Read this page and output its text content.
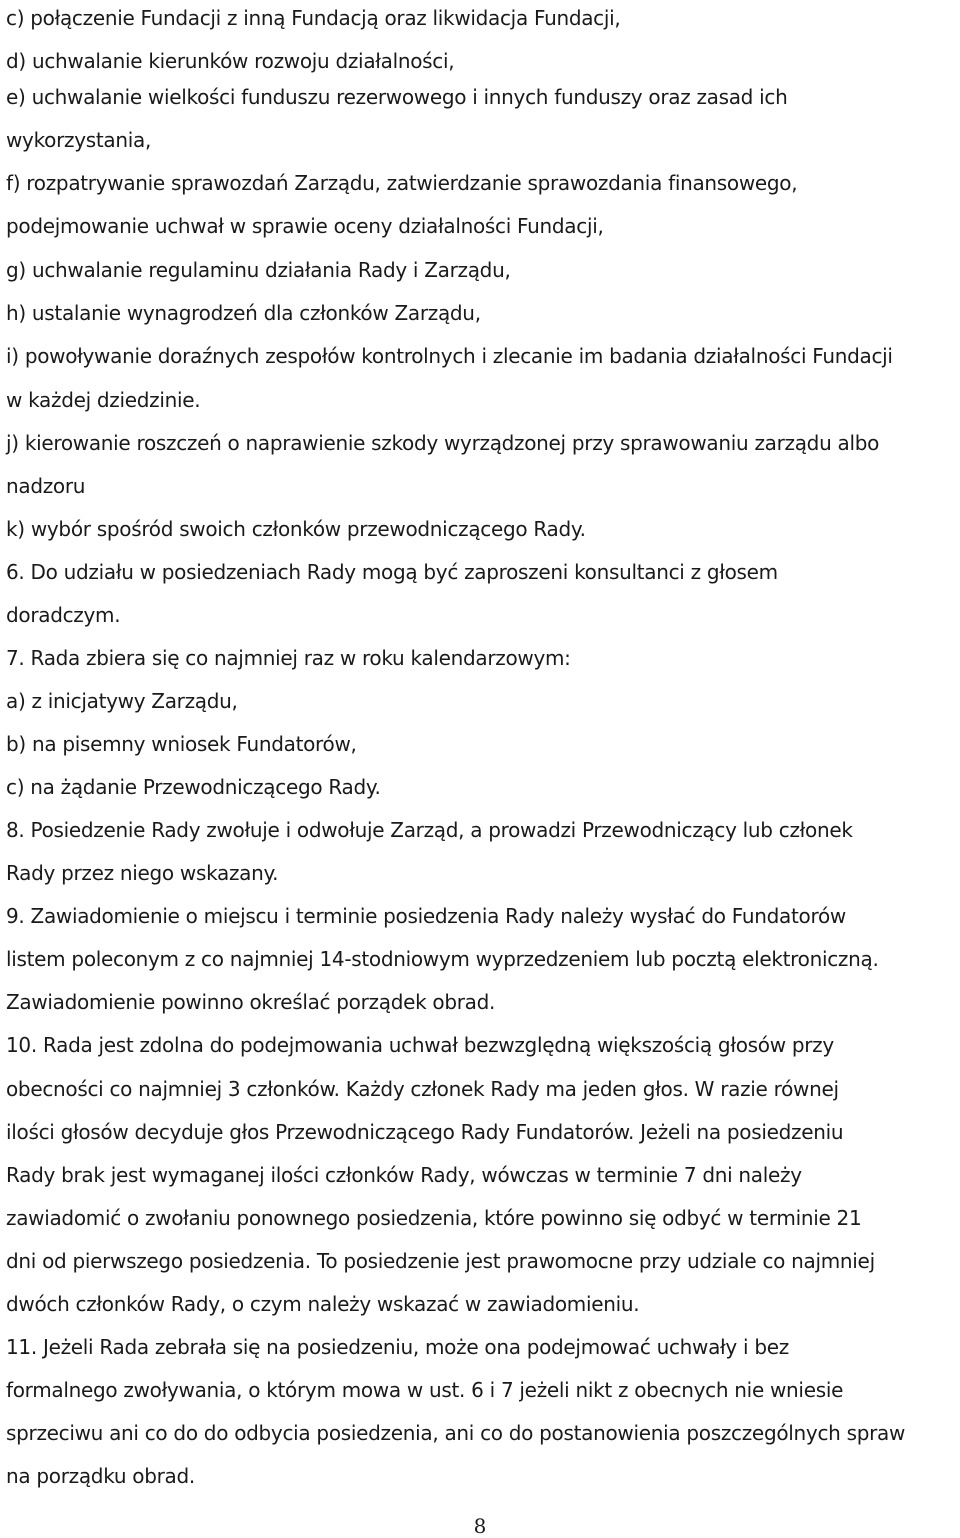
c) połączenie Fundacji z inną Fundacją oraz likwidacja Fundacji,

d) uchwalanie kierunków rozwoju działalności,

e) uchwalanie wielkości funduszu rezerwowego i innych funduszy oraz zasad ich

wykorzystania,

f) rozpatrywanie sprawozdań Zarządu, zatwierdzanie sprawozdania finansowego,

podejmowanie uchwał w sprawie oceny działalności Fundacji,

g) uchwalanie regulaminu działania Rady i Zarządu,

h) ustalanie wynagrodzeń dla członków Zarządu,

i) powoływanie doraźnych zespołów kontrolnych i zlecanie im badania działalności Fundacji

w każdej dziedzinie.

j) kierowanie roszczeń o naprawienie szkody wyrządzonej przy sprawowaniu zarządu albo

nadzoru

k) wybór spośród swoich członków przewodniczącego Rady.

6. Do udziału w posiedzeniach Rady mogą być zaproszeni konsultanci z głosem

doradczym.

7. Rada zbiera się co najmniej raz w roku kalendarzowym:

a) z inicjatywy Zarządu,

b) na pisemny wniosek Fundatorów,

c) na żądanie Przewodniczącego Rady.

8. Posiedzenie Rady zwołuje i odwołuje Zarząd, a prowadzi Przewodniczący lub członek

Rady przez niego wskazany.

9. Zawiadomienie o miejscu i terminie posiedzenia Rady należy wysłać do Fundatorów

listem poleconym z co najmniej 14-stodniowym wyprzedzeniem lub pocztą elektroniczną.

Zawiadomienie powinno określać porządek obrad.

10. Rada jest zdolna do podejmowania uchwał bezwzględną większością głosów przy

obecności co najmniej 3 członków. Każdy członek Rady ma jeden głos. W razie równej

ilości głosów decyduje głos Przewodniczącego Rady Fundatorów. Jeżeli na posiedzeniu

Rady brak jest wymaganej ilości członków Rady, wówczas w terminie 7 dni należy

zawiadomić o zwołaniu ponownego posiedzenia, które powinno się odbyć w terminie 21

dni od pierwszego posiedzenia. To posiedzenie jest prawomocne przy udziale co najmniej

dwóch członków Rady, o czym należy wskazać w zawiadomieniu.

11. Jeżeli Rada zebrała się na posiedzeniu, może ona podejmować uchwały i bez

formalnego zwoływania, o którym mowa w ust. 6 i 7 jeżeli nikt z obecnych nie wniesie

sprzeciwu ani co do do odbycia posiedzenia, ani co do postanowienia poszczególnych spraw

na porządku obrad.

8
